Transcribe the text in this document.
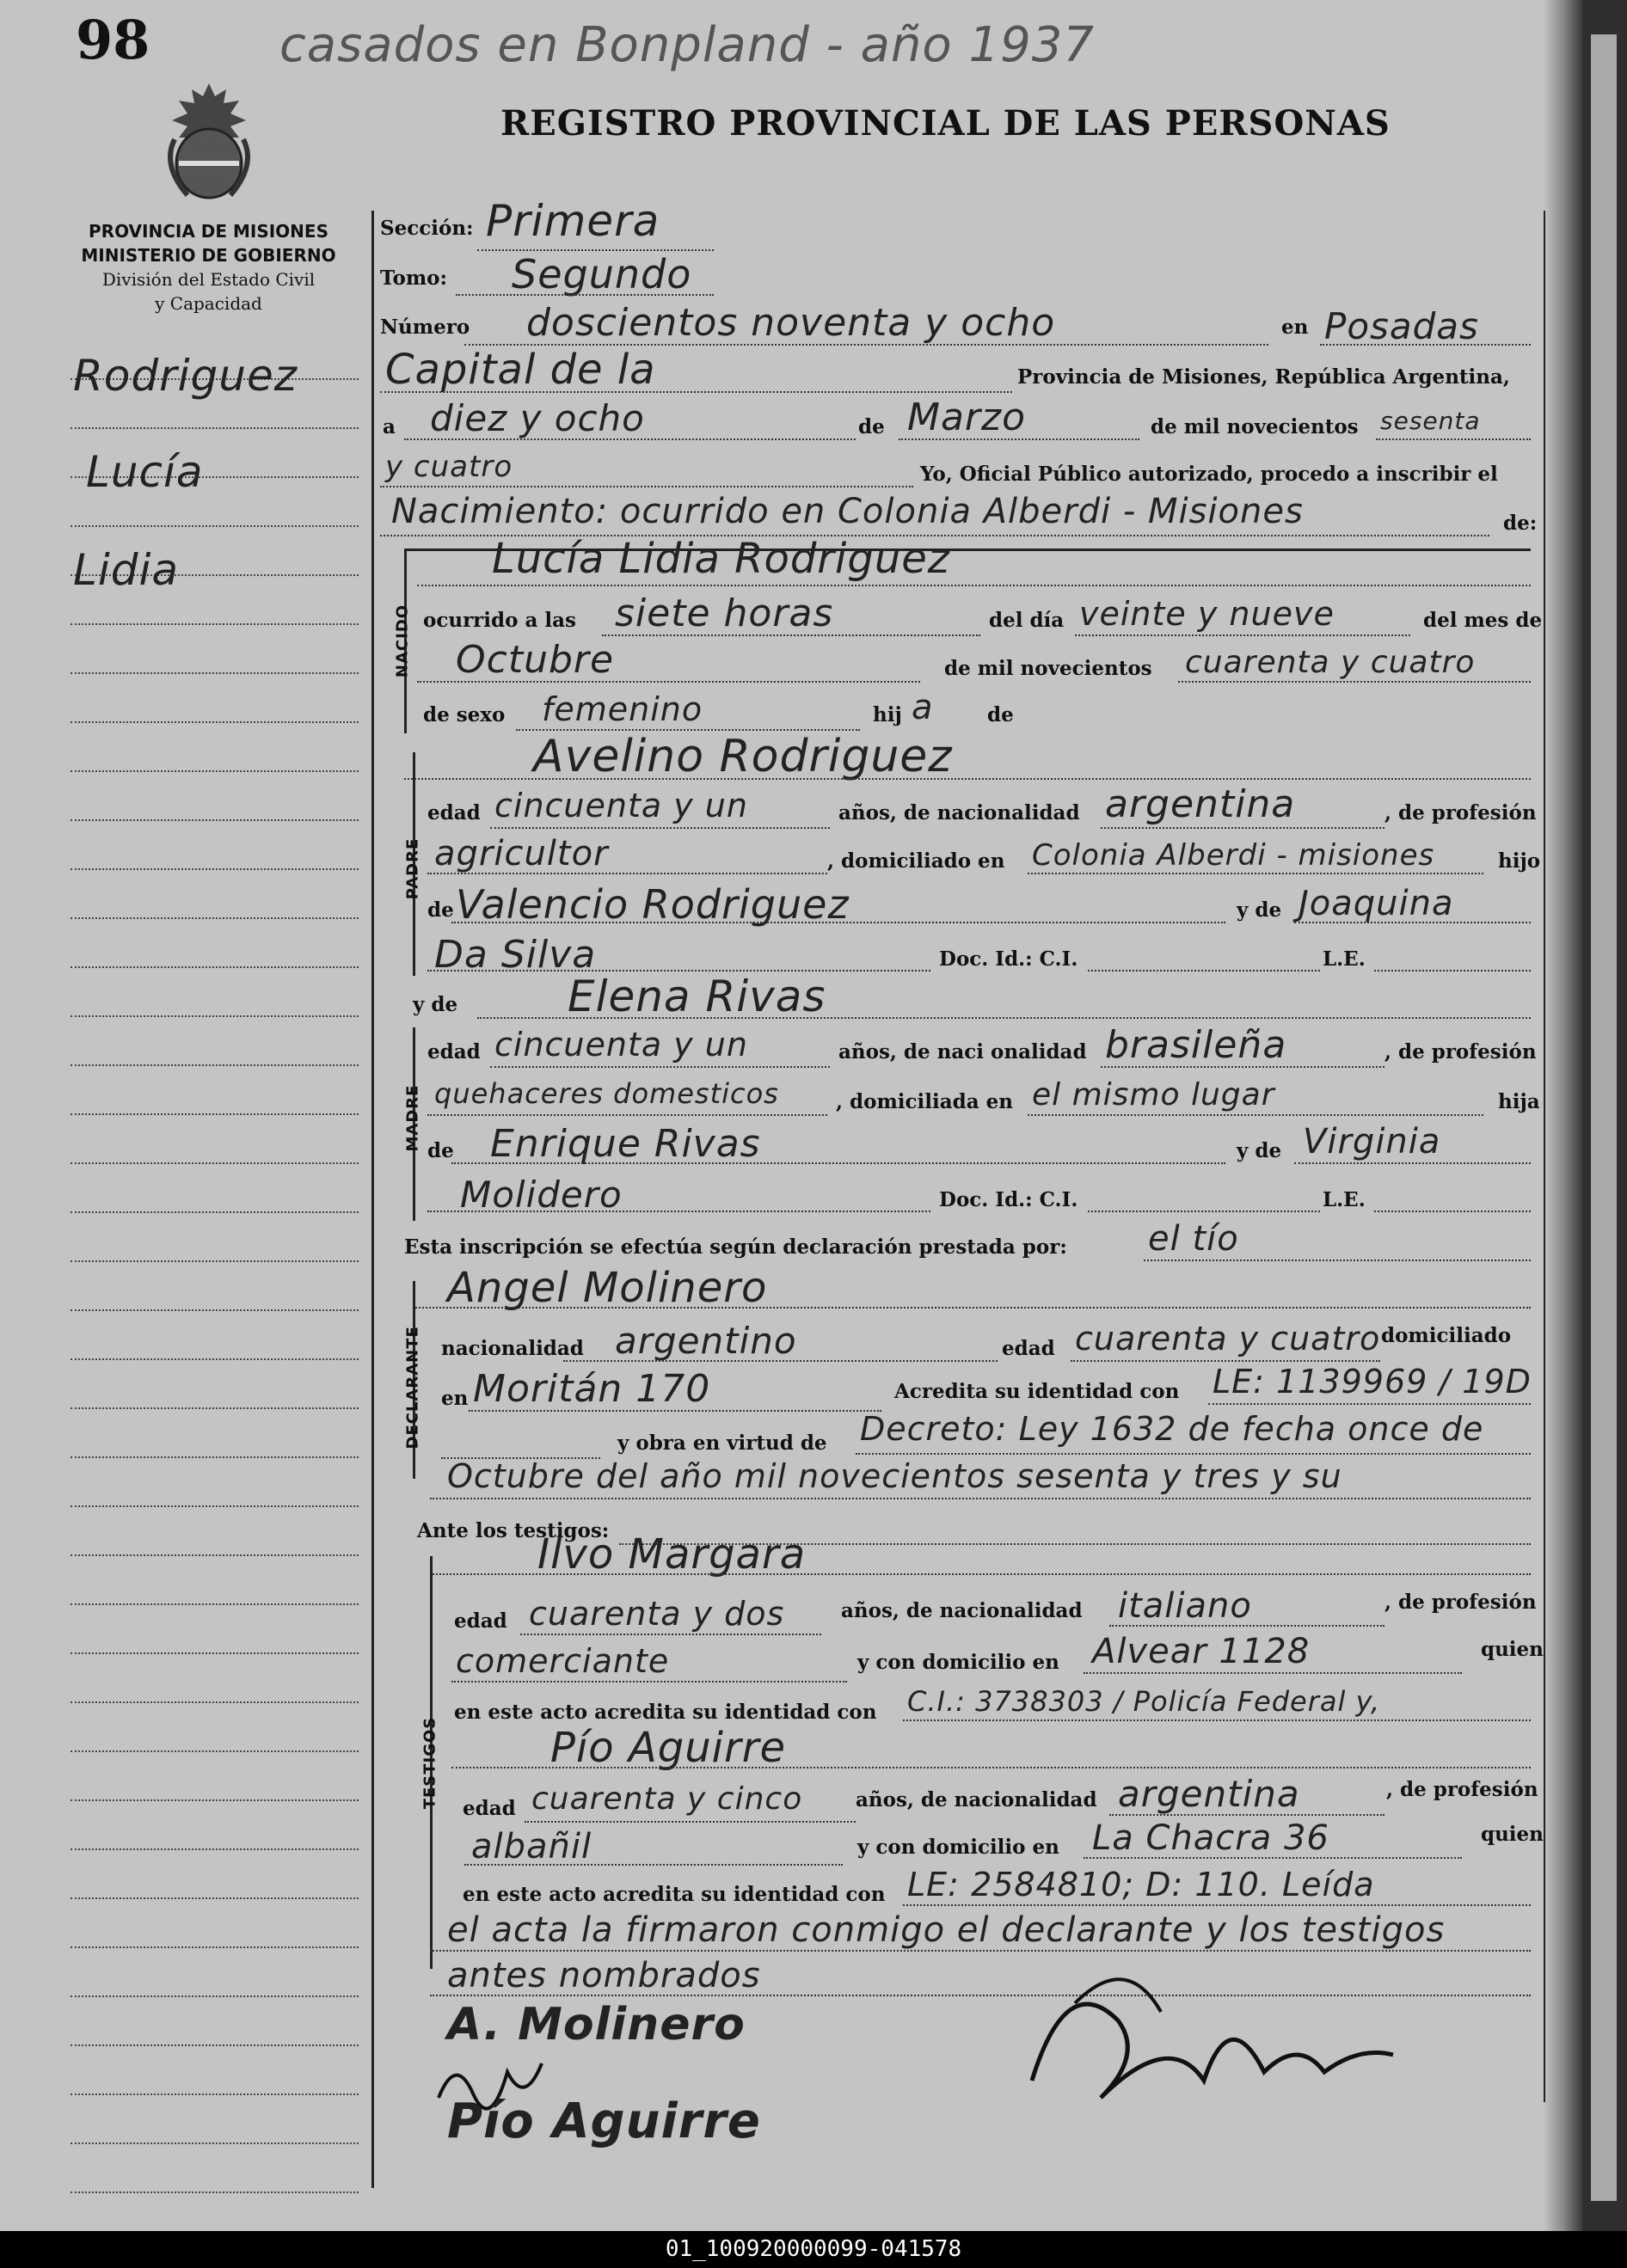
98	casados en Bonpland - año 1937
REGISTRO PROVINCIAL DE LAS PERSONAS
PROVINCIA DE MISIONES
MINISTERIO DE GOBIERNO
División del Estado Civil
y Capacidad
Rodriguez
Lucía
Lidia
Sección: Primera
Tomo: Segundo
Número doscientos noventa y ocho	en Posadas
Capital de la	Provincia de Misiones, República Argentina,
a diez y ocho	de Marzo	de mil novecientos sesenta
y cuatro	Yo, Oficial Público autorizado, procedo a inscribir el
Nacimiento: ocurrido en Colonia Alberdi - Misiones	de:
NACIDO
Lucía Lidia Rodriguez
ocurrido a las siete horas	del día veinte y nueve	del mes de
Octubre	de mil novecientos cuarenta y cuatro
de sexo femenino	hij a	de
Avelino Rodriguez
PADRE
edad cincuenta y un	años, de nacionalidad argentina	, de profesión
agricultor	, domiciliado en Colonia Alberdi - misiones	hijo
de Valencio Rodriguez	y de Joaquina
Da Silva	Doc. Id.: C.I.	L.E.
y de	Elena Rivas
MADRE
edad cincuenta y un	años, de naci onalidad brasileña	, de profesión
quehaceres domesticos	, domiciliada en el mismo lugar	hija
de Enrique Rivas	y de Virginia
Molidero	Doc. Id.: C.I.	L.E.
Esta inscripción se efectúa según declaración prestada por: el tío
Angel Molinero
DECLARANTE nacionalidad argentino	edad cuarenta y cuatro domiciliado
en Moritán 170	Acredita su identidad con LE: 1139969 / 19D
y obra en virtud de Decreto: Ley 1632 de fecha once de
Octubre del año mil novecientos sesenta y tres y su
Ante los testigos:
Ilvo Margara
TESTIGOS
edad cuarenta y dos	años, de nacionalidad italiano	, de profesión
comerciante	y con domicilio en Alvear 1128	quien
en este acto acredita su identidad con C.I.: 3738303 / Policía Federal y,
Pío Aguirre
edad cuarenta y cinco	años, de nacionalidad argentina	, de profesión
albañil	y con domicilio en La Chacra 36	quien
en este acto acredita su identidad con LE: 2584810; D: 110. Leída
el acta la firmaron conmigo el declarante y los testigos
antes nombrados
A. Molinero
Pío Aguirre
01_100920000099-041578
